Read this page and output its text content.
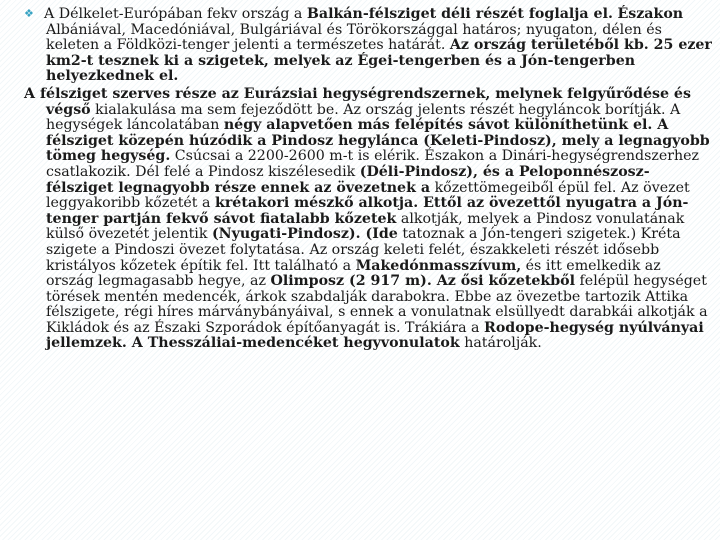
❖ A Délkelet-Európában fekv ország a Balkán-félsziget déli részét foglalja el. Északon Albániával, Macedóniával, Bulgáriával és Törökországgal határos; nyugaton, délen és keleten a Földközi-tenger jelenti a természetes határát. Az ország területéből kb. 25 ezer km2-t tesznek ki a szigetek, melyek az Égei-tengerben és a Jón-tengerben helyezkednek el.

A félsziget szerves része az Eurázsiai hegységrendszernek, melynek felgyűrődése és végső kialakulása ma sem fejeződött be. Az ország jelents részét hegyláncok borítják. A hegységek láncolatában négy alapvetően más felépítés sávot különíthetünk el. A félsziget közepén húzódik a Pindosz hegylánca (Keleti-Pindosz), mely a legnagyobb tömeg hegység. Csúcsai a 2200-2600 m-t is elérik. Északon a Dinári-hegységrendszerhez csatlakozik. Dél felé a Pindosz kiszélesedik (Déli-Pindosz), és a Peloponnészosz-félsziget legnagyobb része ennek az övezetnek a kőzettömegeiből épül fel. Az övezet leggyakoribb kőzetét a krétakori mészkő alkotja. Ettől az övezettől nyugatra a Jón-tenger partján fekvő sávot fiatalabb kőzetek alkotják, melyek a Pindosz vonulatának külső övezetét jelentik (Nyugati-Pindosz). (Ide tatoznak a Jón-tengeri szigetek.) Kréta szigete a Pindoszi övezet folytatása. Az ország keleti felét, északkeleti részét idősebb kristályos kőzetek építik fel. Itt található a Makedónmasszívum, és itt emelkedik az ország legmagasabb hegye, az Olimposz (2 917 m). Az ősi kőzetekből felépül hegységet törések mentén medencék, árkok szabdalják darabokra. Ebbe az övezetbe tartozik Attika félszigete, régi híres márványbányáival, s ennek a vonulatnak elsüllyedt darabkái alkotják a Kikládok és az Északi Szporádok építőanyagát is. Trákiára a Rodope-hegység nyúlványai jellemzek. A Thesszáliai-medencéket hegyvonulatok határolják.
